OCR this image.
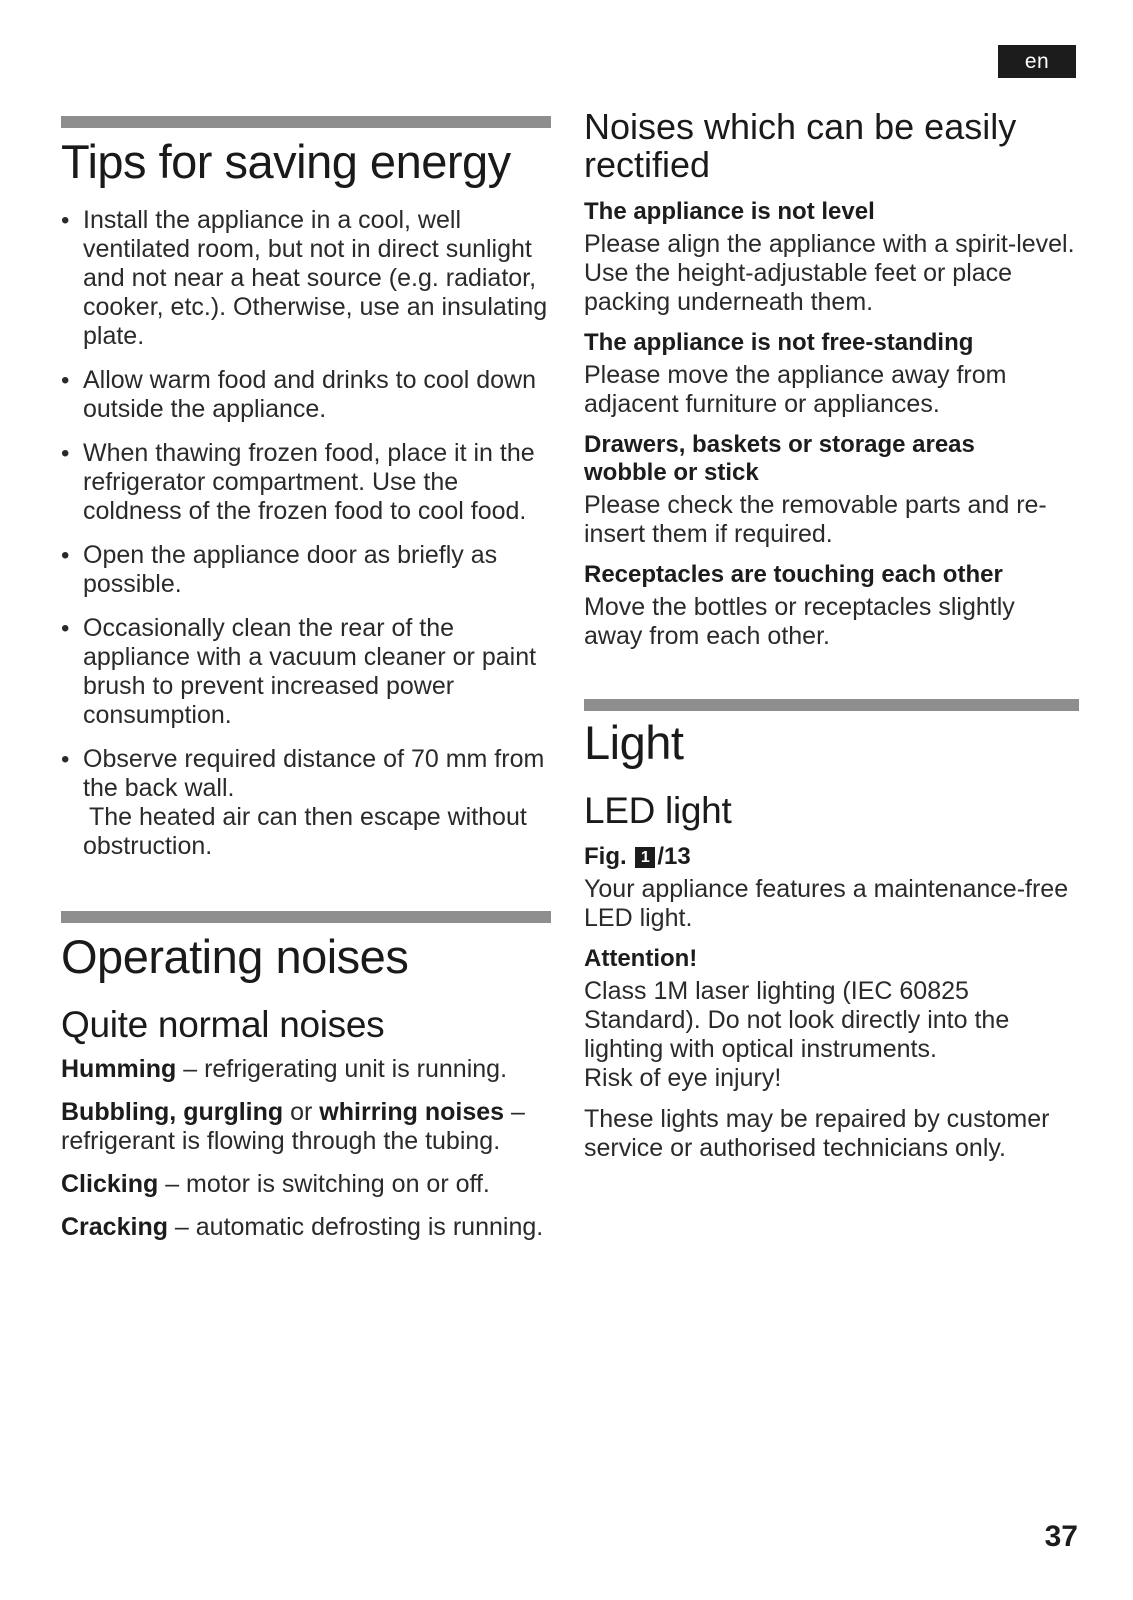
en
Tips for saving energy
• Install the appliance in a cool, well ventilated room, but not in direct sunlight and not near a heat source (e.g. radiator, cooker, etc.). Otherwise, use an insulating plate.
• Allow warm food and drinks to cool down outside the appliance.
• When thawing frozen food, place it in the refrigerator compartment. Use the coldness of the frozen food to cool food.
• Open the appliance door as briefly as possible.
• Occasionally clean the rear of the appliance with a vacuum cleaner or paint brush to prevent increased power consumption.
• Observe required distance of 70 mm from the back wall.
The heated air can then escape without obstruction.
Operating noises
Quite normal noises

Humming – refrigerating unit is running.

Bubbling, gurgling or whirring noises – refrigerant is flowing through the tubing.

Clicking – motor is switching on or off.

Cracking – automatic defrosting is running.

Noises which can be easily rectified
The appliance is not level

Please align the appliance with a spirit-level. Use the height-adjustable feet or place packing underneath them.

The appliance is not free-standing

Please move the appliance away from adjacent furniture or appliances.

Drawers, baskets or storage areas wobble or stick

Please check the removable parts and re-insert them if required.

Receptacles are touching each other

Move the bottles or receptacles slightly away from each other.

Light
LED light
Fig. 1 /13

Your appliance features a maintenance-free LED light.

Attention!

Class 1M laser lighting (IEC 60825 Standard). Do not look directly into the lighting with optical instruments.

Risk of eye injury!

These lights may be repaired by customer service or authorised technicians only.

37
